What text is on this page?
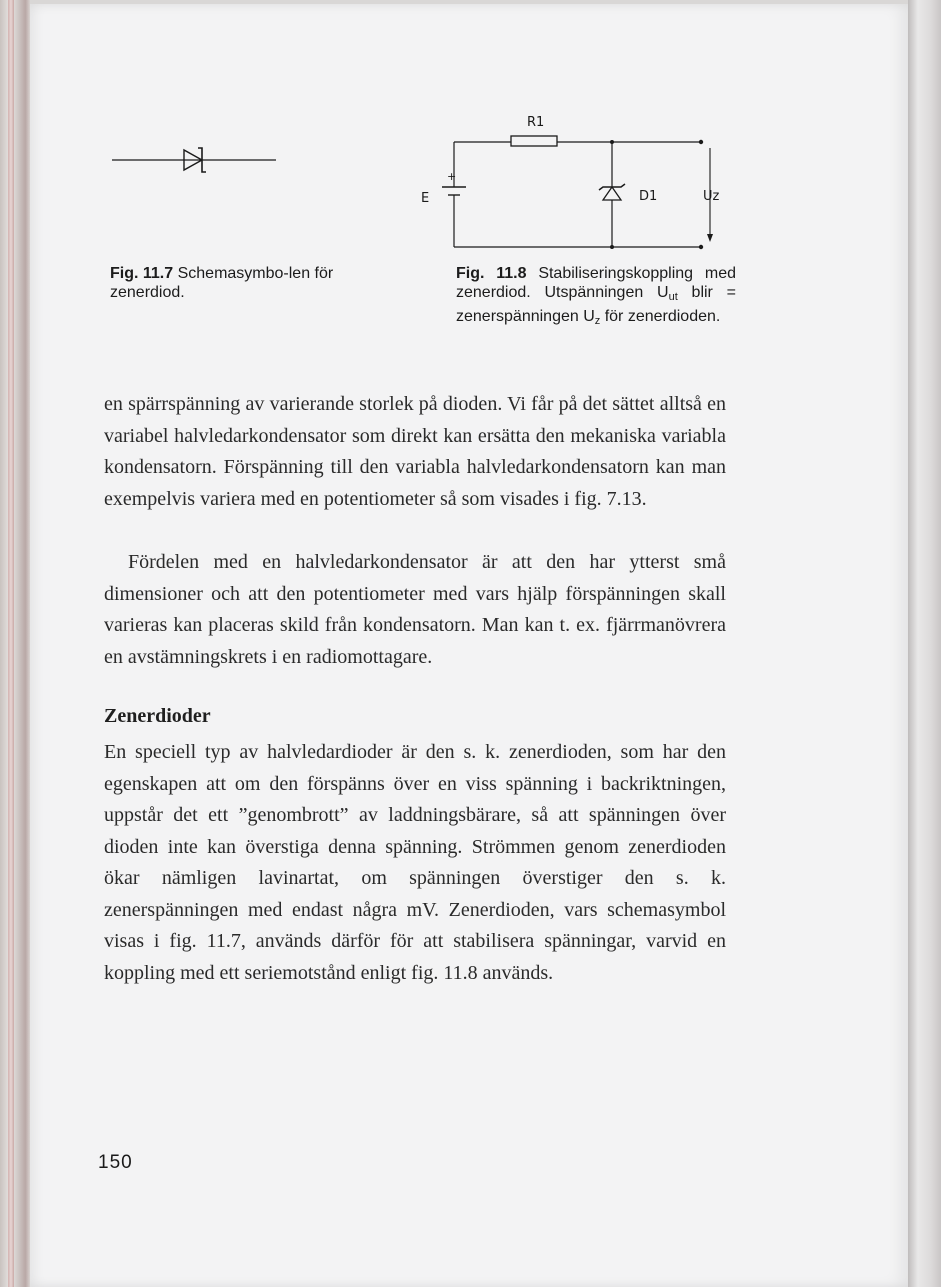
R1
+
E	D1	Uz
Fig. 11.7 Schemasymbo-len för zenerdiod.
Fig. 11.8 Stabiliseringskoppling med zenerdiod. Utspänningen $U_{ut}$ blir = zenerspänningen $U_z$ för zenerdioden.

en spärrspänning av varierande storlek på dioden. Vi får på det sättet alltså en variabel halvledarkondensator som direkt kan ersätta den mekaniska variabla kondensatorn. Förspänning till den variabla halvledarkondensatorn kan man exempelvis variera med en potentiometer så som visades i fig. 7.13.

Fördelen med en halvledarkondensator är att den har ytterst små dimensioner och att den potentiometer med vars hjälp förspänningen skall varieras kan placeras skild från kondensatorn. Man kan t. ex. fjärrmanövrera en avstämningskrets i en radiomottagare.

Zenerdioder

En speciell typ av halvledardioder är den s. k. zenerdioden, som har den egenskapen att om den förspänns över en viss spänning i backriktningen, uppstår det ett ”genombrott” av laddningsbärare, så att spänningen över dioden inte kan överstiga denna spänning. Strömmen genom zenerdioden ökar nämligen lavinartat, om spänningen överstiger den s. k. zenerspänningen med endast några mV. Zenerdioden, vars schemasymbol visas i fig. 11.7, används därför för att stabilisera spänningar, varvid en koppling med ett seriemotstånd enligt fig. 11.8 används.

150
